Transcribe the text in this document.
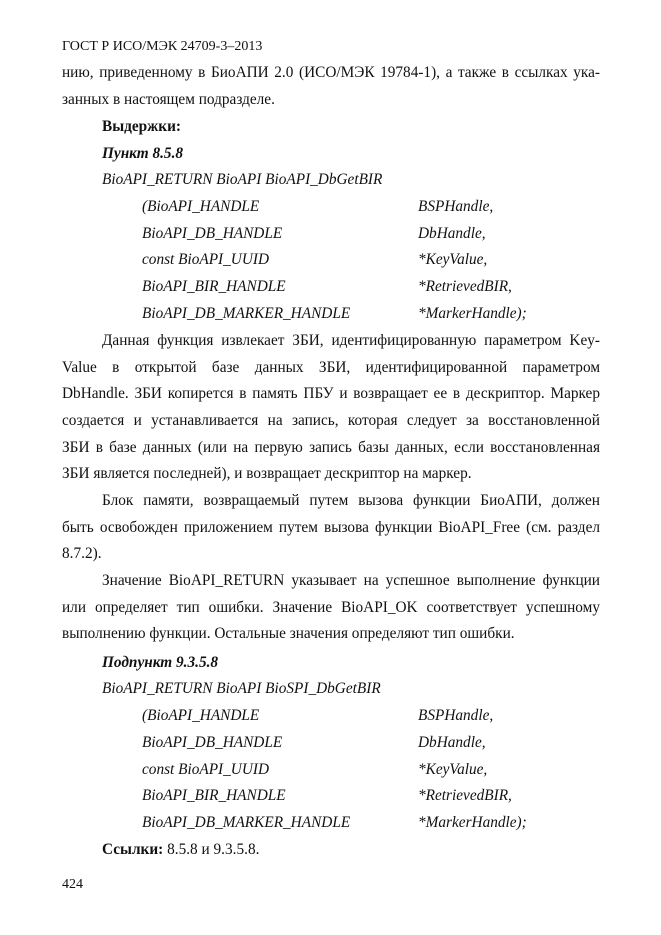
ГОСТ Р ИСО/МЭК 24709-3–2013
нию, приведенному в БиоАПИ 2.0 (ИСО/МЭК 19784-1), а также в ссылках ука-
занных в настоящем подразделе.
Выдержки:
Пункт 8.5.8
BioAPI_RETURN BioAPI BioAPI_DbGetBIR
(BioAPI_HANDLE	BSPHandle,
BioAPI_DB_HANDLE	DbHandle,
const BioAPI_UUID	*KeyValue,
BioAPI_BIR_HANDLE	*RetrievedBIR,
BioAPI_DB_MARKER_HANDLE	*MarkerHandle);
Данная функция извлекает ЗБИ, идентифицированную параметром Key-
Value в открытой базе данных ЗБИ, идентифицированной параметром
DbHandle. ЗБИ копирется в память ПБУ и возвращает ее в дескриптор. Маркер
создается и устанавливается на запись, которая следует за восстановленной
ЗБИ в базе данных (или на первую запись базы данных, если восстановленная
ЗБИ является последней), и возвращает дескриптор на маркер.
Блок памяти, возвращаемый путем вызова функции БиоАПИ, должен
быть освобожден приложением путем вызова функции BioAPI_Free (см. раздел
8.7.2).
Значение BioAPI_RETURN указывает на успешное выполнение функции
или определяет тип ошибки. Значение BioAPI_OK соответствует успешному
выполнению функции. Остальные значения определяют тип ошибки.
Подпункт 9.3.5.8
BioAPI_RETURN BioAPI BioSPI_DbGetBIR
(BioAPI_HANDLE	BSPHandle,
BioAPI_DB_HANDLE	DbHandle,
const BioAPI_UUID	*KeyValue,
BioAPI_BIR_HANDLE	*RetrievedBIR,
BioAPI_DB_MARKER_HANDLE	*MarkerHandle);
Ссылки: 8.5.8 и 9.3.5.8.
424
